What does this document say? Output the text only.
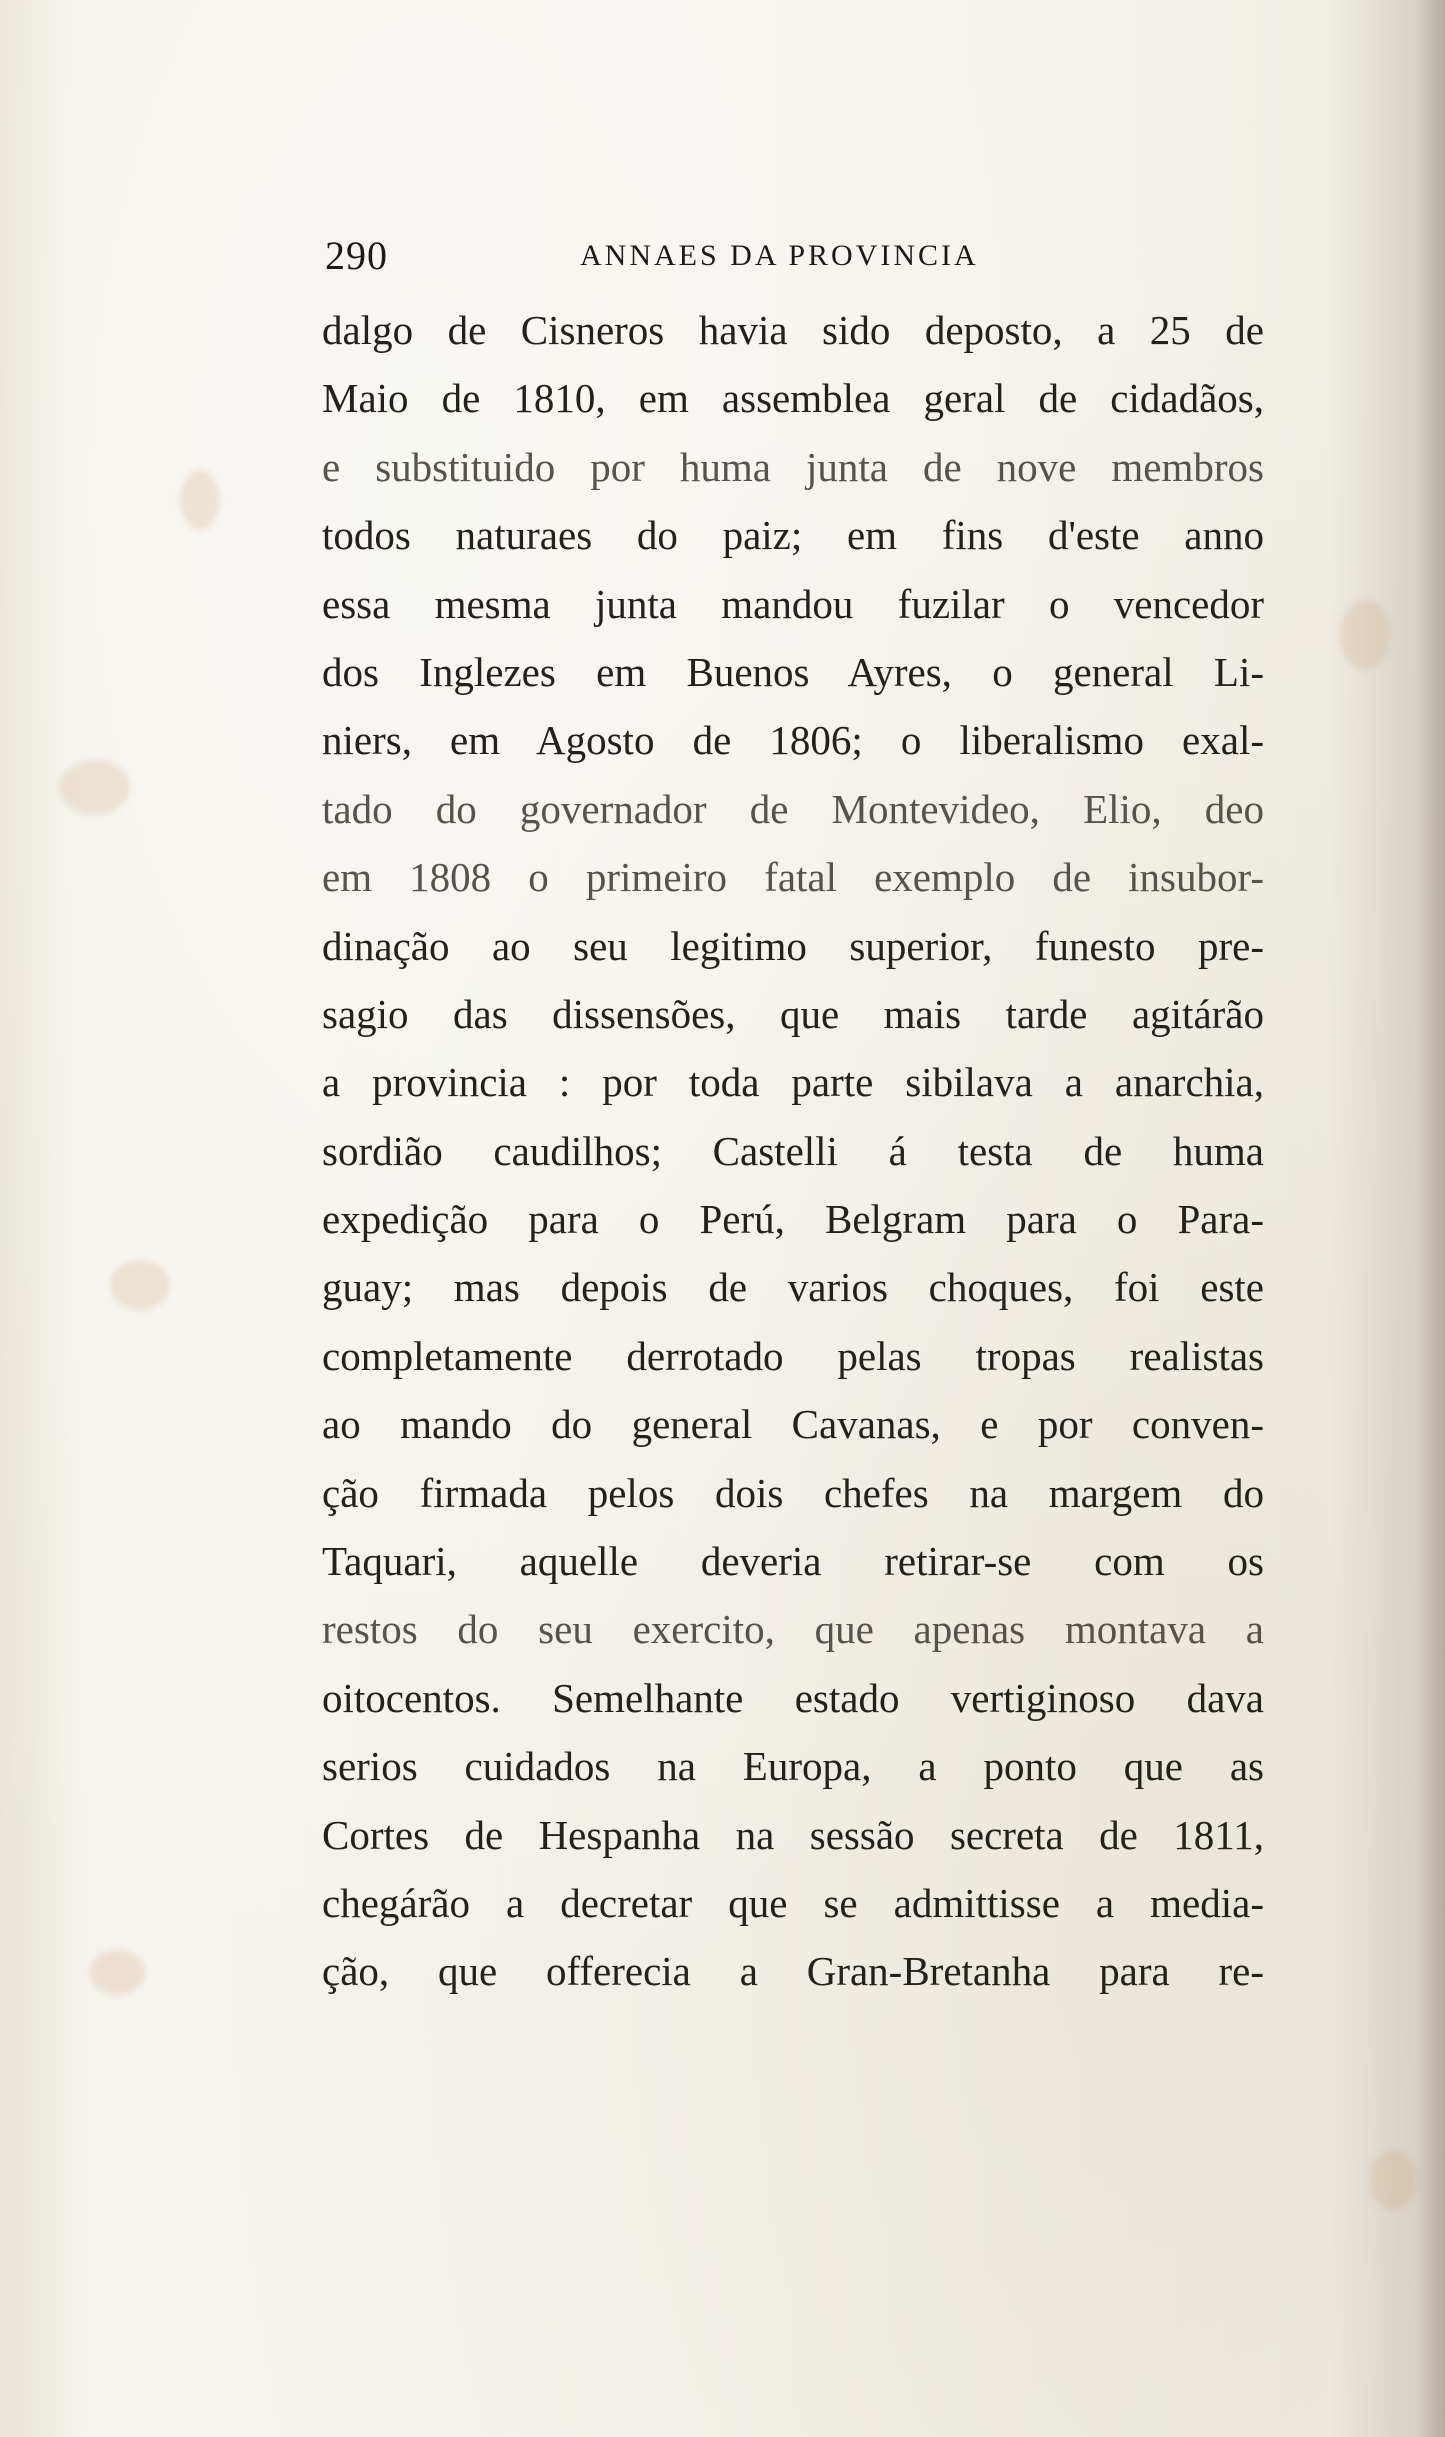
290	ANNAES DA PROVINCIA
dalgo de Cisneros havia sido deposto, a 25 de
Maio de 1810, em assemblea geral de cidadãos,
e substituido por huma junta de nove membros
todos naturaes do paiz; em fins d'este anno
essa mesma junta mandou fuzilar o vencedor
dos Inglezes em Buenos Ayres, o general Li-
niers, em Agosto de 1806; o liberalismo exal-
tado do governador de Montevideo, Elio, deo
em 1808 o primeiro fatal exemplo de insubor-
dinação ao seu legitimo superior, funesto pre-
sagio das dissensões, que mais tarde agitárão
a provincia : por toda parte sibilava a anarchia,
sordião caudilhos; Castelli á testa de huma
expedição para o Perú, Belgram para o Para-
guay; mas depois de varios choques, foi este
completamente derrotado pelas tropas realistas
ao mando do general Cavanas, e por conven-
ção firmada pelos dois chefes na margem do
Taquari, aquelle deveria retirar-se com os
restos do seu exercito, que apenas montava a
oitocentos. Semelhante estado vertiginoso dava
serios cuidados na Europa, a ponto que as
Cortes de Hespanha na sessão secreta de 1811,
chegárão a decretar que se admittisse a media-
ção, que offerecia a Gran-Bretanha para re-
